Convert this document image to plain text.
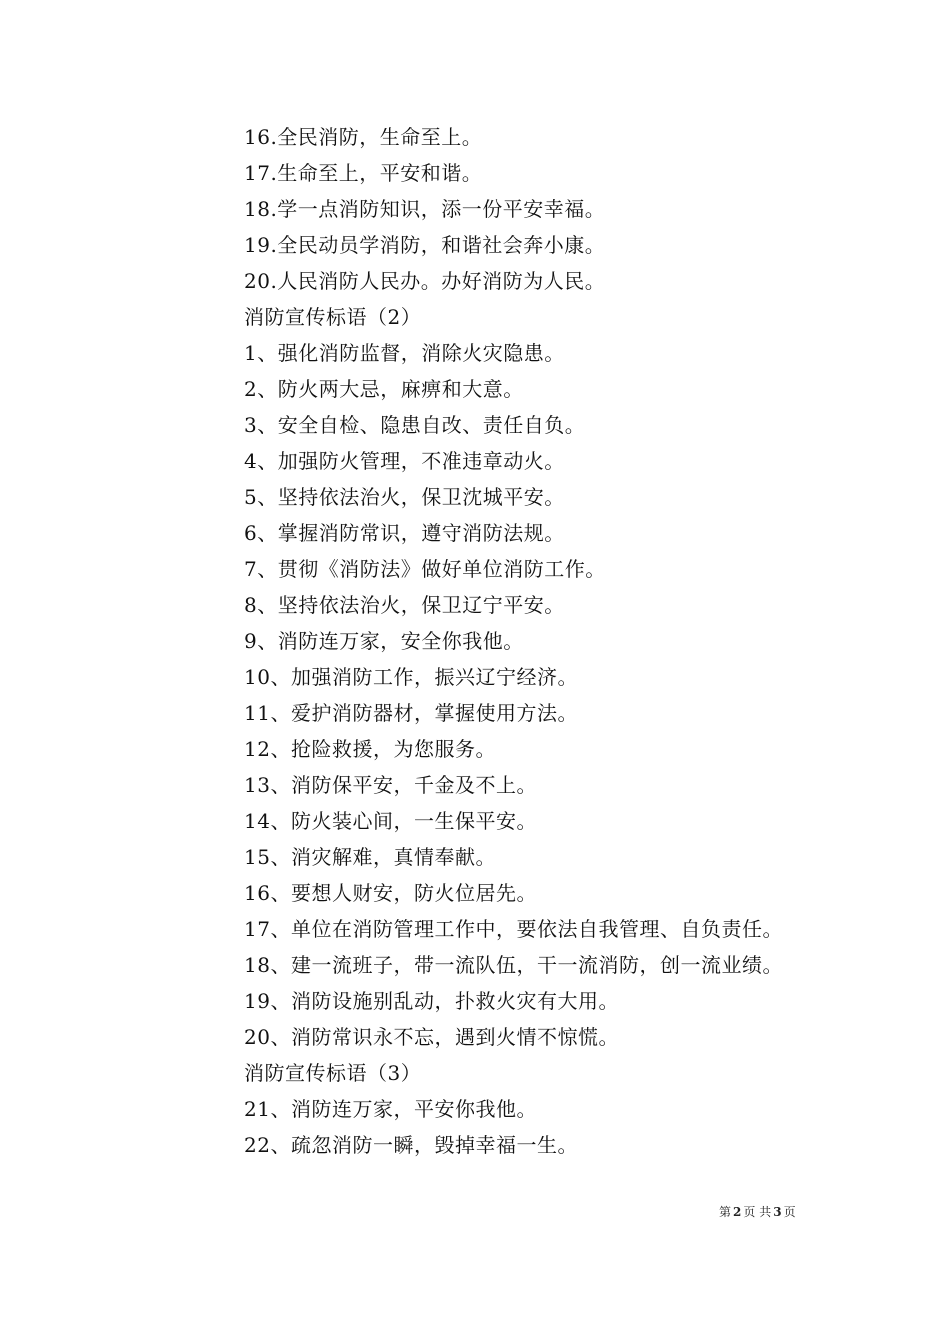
16.全民消防，生命至上。
17.生命至上，平安和谐。
18.学一点消防知识，添一份平安幸福。
19.全民动员学消防，和谐社会奔小康。
20.人民消防人民办。办好消防为人民。
消防宣传标语（2）
1、强化消防监督，消除火灾隐患。
2、防火两大忌，麻痹和大意。
3、安全自检、隐患自改、责任自负。
4、加强防火管理，不准违章动火。
5、坚持依法治火，保卫沈城平安。
6、掌握消防常识，遵守消防法规。
7、贯彻《消防法》做好单位消防工作。
8、坚持依法治火，保卫辽宁平安。
9、消防连万家，安全你我他。
10、加强消防工作，振兴辽宁经济。
11、爱护消防器材，掌握使用方法。
12、抢险救援，为您服务。
13、消防保平安，千金及不上。
14、防火装心间，一生保平安。
15、消灾解难，真情奉献。
16、要想人财安，防火位居先。
17、单位在消防管理工作中，要依法自我管理、自负责任。
18、建一流班子，带一流队伍，干一流消防，创一流业绩。
19、消防设施别乱动，扑救火灾有大用。
20、消防常识永不忘，遇到火情不惊慌。
消防宣传标语（3）
21、消防连万家，平安你我他。
22、疏忽消防一瞬，毁掉幸福一生。
第 2 页 共 3 页
